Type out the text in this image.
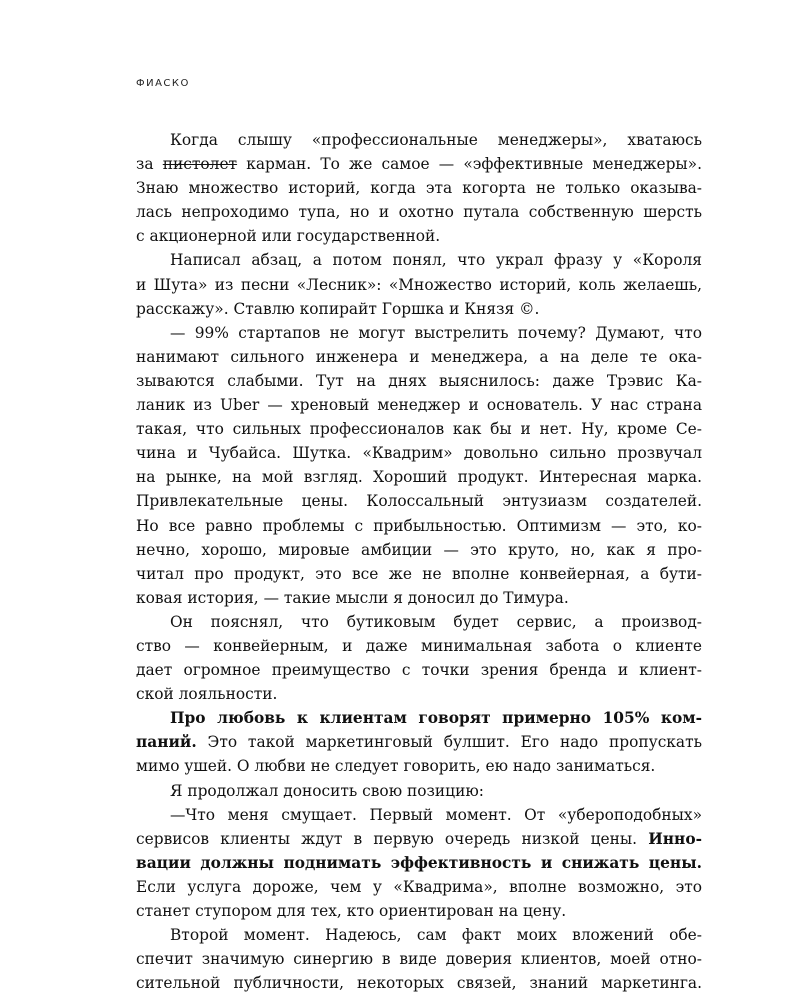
ФИАСКО
Когда слышу «профессиональные менеджеры», хватаюсь
за пистолет карман. То же самое — «эффективные менеджеры».
Знаю множество историй, когда эта когорта не только оказыва-
лась непроходимо тупа, но и охотно путала собственную шерсть
с акционерной или государственной.
Написал абзац, а потом понял, что украл фразу у «Короля
и Шута» из песни «Лесник»: «Множество историй, коль желаешь,
расскажу». Ставлю копирайт Горшка и Князя ©.
— 99% стартапов не могут выстрелить почему? Думают, что
нанимают сильного инженера и менеджера, а на деле те ока-
зываются слабыми. Тут на днях выяснилось: даже Трэвис Ка-
ланик из Uber — хреновый менеджер и основатель. У нас страна
такая, что сильных профессионалов как бы и нет. Ну, кроме Се-
чина и Чубайса. Шутка. «Квадрим» довольно сильно прозвучал
на рынке, на мой взгляд. Хороший продукт. Интересная марка.
Привлекательные цены. Колоссальный энтузиазм создателей.
Но все равно проблемы с прибыльностью. Оптимизм — это, ко-
нечно, хорошо, мировые амбиции — это круто, но, как я про-
читал про продукт, это все же не вполне конвейерная, а бути-
ковая история, — такие мысли я доносил до Тимура.
Он пояснял, что бутиковым будет сервис, а производ-
ство — конвейерным, и даже минимальная забота о клиенте
дает огромное преимущество с точки зрения бренда и клиент-
ской лояльности.
Про любовь к клиентам говорят примерно 105% ком-
паний. Это такой маркетинговый булшит. Его надо пропускать
мимо ушей. О любви не следует говорить, ею надо заниматься.
Я продолжал доносить свою позицию:
—Что меня смущает. Первый момент. От «убероподобных»
сервисов клиенты ждут в первую очередь низкой цены. Инно-
вации должны поднимать эффективность и снижать цены.
Если услуга дороже, чем у «Квадрима», вполне возможно, это
станет ступором для тех, кто ориентирован на цену.
Второй момент. Надеюсь, сам факт моих вложений обе-
спечит значимую синергию в виде доверия клиентов, моей отно-
сительной публичности, некоторых связей, знаний маркетинга.
